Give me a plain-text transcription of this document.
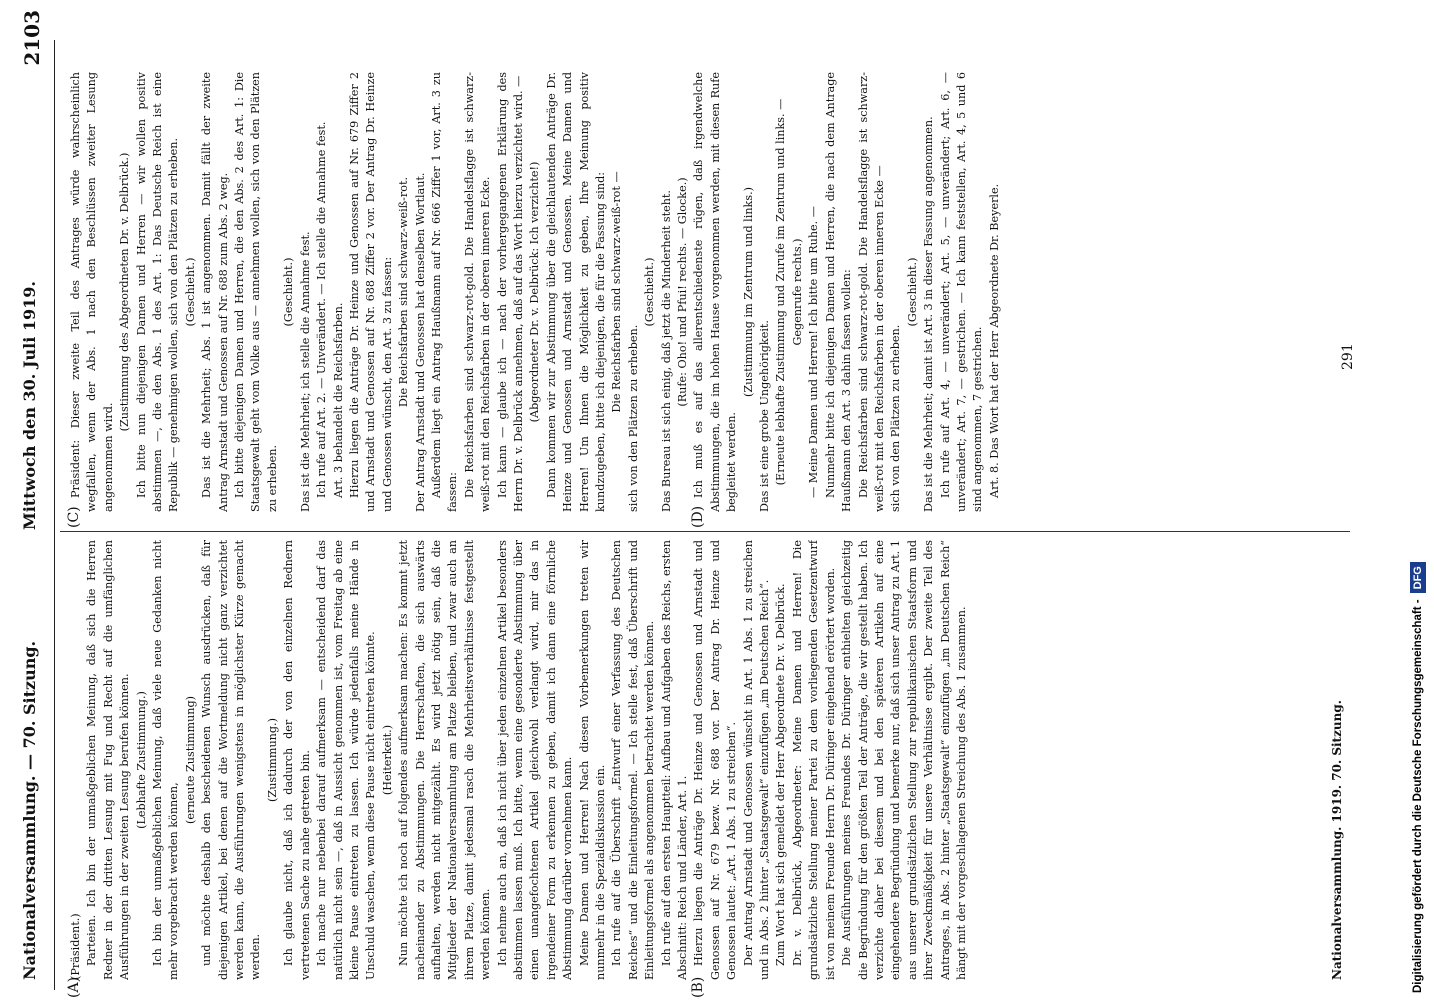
Nationalversammlung. — 70. Sitzung.
Mittwoch den 30. Juli 1919.
2103
(A)	(B)
(C)	(D)

(Präsident.) Parteien. Ich bin der unmaßgeblichen Meinung, daß sich die Herren Redner in der dritten Lesung mit Fug und Recht auf die umfänglichen Ausführungen in der zweiten Lesung berufen können. (Lebhafte Zustimmung.) Ich bin der unmaßgeblichen Meinung, daß viele neue Gedanken nicht mehr vorgebracht werden können,

(erneute Zustimmung) und möchte deshalb den bescheidenen Wunsch ausdrücken, daß für diejenigen Artikel, bei denen auf die Wortmeldung nicht ganz verzichtet werden kann, die Ausführungen wenigstens in möglichster Kürze gemacht werden.

(Zustimmung.) Ich glaube nicht, daß ich dadurch der von den einzelnen Rednern vertretenen Sache zu nahe getreten bin. Ich mache nur nebenbei darauf aufmerksam — entscheidend darf das natürlich nicht sein —, daß in Aussicht genommen ist, vom Freitag ab eine kleine Pause eintreten zu lassen. Ich würde jedenfalls meine Hände in Unschuld waschen, wenn diese Pause nicht eintreten könnte. (Heiterkeit.) Nun möchte ich noch auf folgendes aufmerksam machen: Es kommt jetzt nacheinander zu Abstimmungen. Die Herrschaften, die sich auswärts aufhalten, werden nicht mitgezählt. Es wird jetzt nötig sein, daß die Mitglieder der Nationalversammlung am Platze bleiben, und zwar auch an ihrem Platze, damit jedesmal rasch die Mehrheitsverhältnisse festgestellt werden können. Ich nehme auch an, daß ich nicht über jeden einzelnen Artikel besonders abstimmen lassen muß. Ich bitte, wenn eine gesonderte Abstimmung über einen unangefochtenen Artikel gleichwohl verlangt wird, mir das in irgendeiner Form zu erkennen zu geben, damit ich dann eine förmliche Abstimmung darüber vornehmen kann. Meine Damen und Herren! Nach diesen Vorbemerkungen treten wir nunmehr in die Spezialdiskussion ein. Ich rufe auf die Überschrift „Entwurf einer Verfassung des Deutschen Reiches“ und die Einleitungsformel. — Ich stelle fest, daß Überschrift und Einleitungsformel als angenommen betrachtet werden können. Ich rufe auf den ersten Hauptteil: Aufbau und Aufgaben des Reichs, ersten Abschnitt: Reich und Länder, Art. 1. Hierzu liegen die Anträge Dr. Heinze und Genossen und Arnstadt und Genossen auf Nr. 679 bezw. Nr. 688 vor. Der Antrag Dr. Heinze und Genossen lautet: „Art. 1 Abs. 1 zu streichen“. Der Antrag Arnstadt und Genossen wünscht in Art. 1 Abs. 1 zu streichen und in Abs. 2 hinter „Staatsgewalt“ einzufügen „im Deutschen Reich“. Zum Wort hat sich gemeldet der Herr Abgeordnete Dr. v. Delbrück. Dr. v. Delbrück, Abgeordneter: Meine Damen und Herren! Die grundsätzliche Stellung meiner Partei zu dem vorliegenden Gesetzentwurf ist von meinem Freunde Herrn Dr. Düringer eingehend erörtert worden. Die Ausführungen meines Freundes Dr. Düringer enthielten gleichzeitig die Begründung für den größten Teil der Anträge, die wir gestellt haben. Ich verzichte daher bei diesem und bei den späteren Artikeln auf eine eingehendere Begründung und bemerke nur, daß sich unser Antrag zu Art. 1 aus unserer grundsätzlichen Stellung zur republikanischen Staatsform und ihrer Zweckmäßigkeit für unsere Verhältnisse ergibt. Der zweite Teil des Antrages, in Abs. 2 hinter „Staatsgewalt“ einzufügen „im Deutschen Reich“ hängt mit der vorgeschlagenen Streichung des Abs. 1 zusammen.

Präsident: Dieser zweite Teil des Antrages würde wahrscheinlich wegfallen, wenn der Abs. 1 nach den Beschlüssen zweiter Lesung angenommen wird.

(Zustimmung des Abgeordneten Dr. v. Delbrück.) Ich bitte nun diejenigen Damen und Herren — wir wollen positiv abstimmen —, die den Abs. 1 des Art. 1: Das Deutsche Reich ist eine Republik — genehmigen wollen, sich von den Plätzen zu erheben. (Geschieht.) Das ist die Mehrheit; Abs. 1 ist angenommen. Damit fällt der zweite Antrag Arnstadt und Genossen auf Nr. 688 zum Abs. 2 weg. Ich bitte diejenigen Damen und Herren, die den Abs. 2 des Art. 1: Die Staatsgewalt geht vom Volke aus — annehmen wollen, sich von den Plätzen zu erheben.

(Geschieht.) Das ist die Mehrheit; ich stelle die Annahme fest. Ich rufe auf Art. 2. — Unverändert. — Ich stelle die Annahme fest. Art. 3 behandelt die Reichsfarben. Hierzu liegen die Anträge Dr. Heinze und Genossen auf Nr. 679 Ziffer 2 und Arnstadt und Genossen auf Nr. 688 Ziffer 2 vor. Der Antrag Dr. Heinze und Genossen wünscht, den Art. 3 zu fassen: Die Reichsfarben sind schwarz-weiß-rot. Der Antrag Arnstadt und Genossen hat denselben Wortlaut. Außerdem liegt ein Antrag Haußmann auf Nr. 666 Ziffer 1 vor, Art. 3 zu fassen: Die Reichsfarben sind schwarz-rot-gold. Die Handelsflagge ist schwarz-weiß-rot mit den Reichsfarben in der oberen inneren Ecke. Ich kann — glaube ich — nach der vorhergegangenen Erklärung des Herrn Dr. v. Delbrück annehmen, daß auf das Wort hierzu verzichtet wird. — (Abgeordneter Dr. v. Delbrück: Ich verzichte!) Dann kommen wir zur Abstimmung über die gleichlautenden Anträge Dr. Heinze und Genossen und Arnstadt und Genossen. Meine Damen und Herren! Um Ihnen die Möglichkeit zu geben, Ihre Meinung positiv kundzugeben, bitte ich diejenigen, die für die Fassung sind: Die Reichsfarben sind schwarz-weiß-rot —

sich von den Plätzen zu erheben.

(Geschieht.) Das Bureau ist sich einig, daß jetzt die Minderheit steht. (Rufe: Oho! und Pfui! rechts. — Glocke.) Ich muß es auf das allerentschiedenste rügen, daß irgendwelche Abstimmungen, die im hohen Hause vorgenommen werden, mit diesen Rufe begleitet werden.

(Zustimmung im Zentrum und links.)

Das ist eine grobe Ungehörigkeit. (Erneute lebhafte Zustimmung und Zurufe im Zentrum und links. — Gegenrufe rechts.) — Meine Damen und Herren! Ich bitte um Ruhe. — Nunmehr bitte ich diejenigen Damen und Herren, die nach dem Antrage Haußmann den Art. 3 dahin fassen wollen: Die Reichsfarben sind schwarz-rot-gold. Die Handelsflagge ist schwarz-weiß-rot mit den Reichsfarben in der oberen inneren Ecke — sich von den Plätzen zu erheben.

(Geschieht.) Das ist die Mehrheit; damit ist Art. 3 in dieser Fassung angenommen. Ich rufe auf Art. 4, — unverändert; Art. 5, — unverändert; Art. 6, — unverändert; Art. 7, — gestrichen. — Ich kann feststellen, Art. 4, 5 und 6 sind angenommen, 7 gestrichen. Art. 8. Das Wort hat der Herr Abgeordnete Dr. Beyerle.

Nationalversammlung. 1919. 70. Sitzung.
291
Digitalisierung gefördert durch die Deutsche Forschungsgemeinschaft -DFG
